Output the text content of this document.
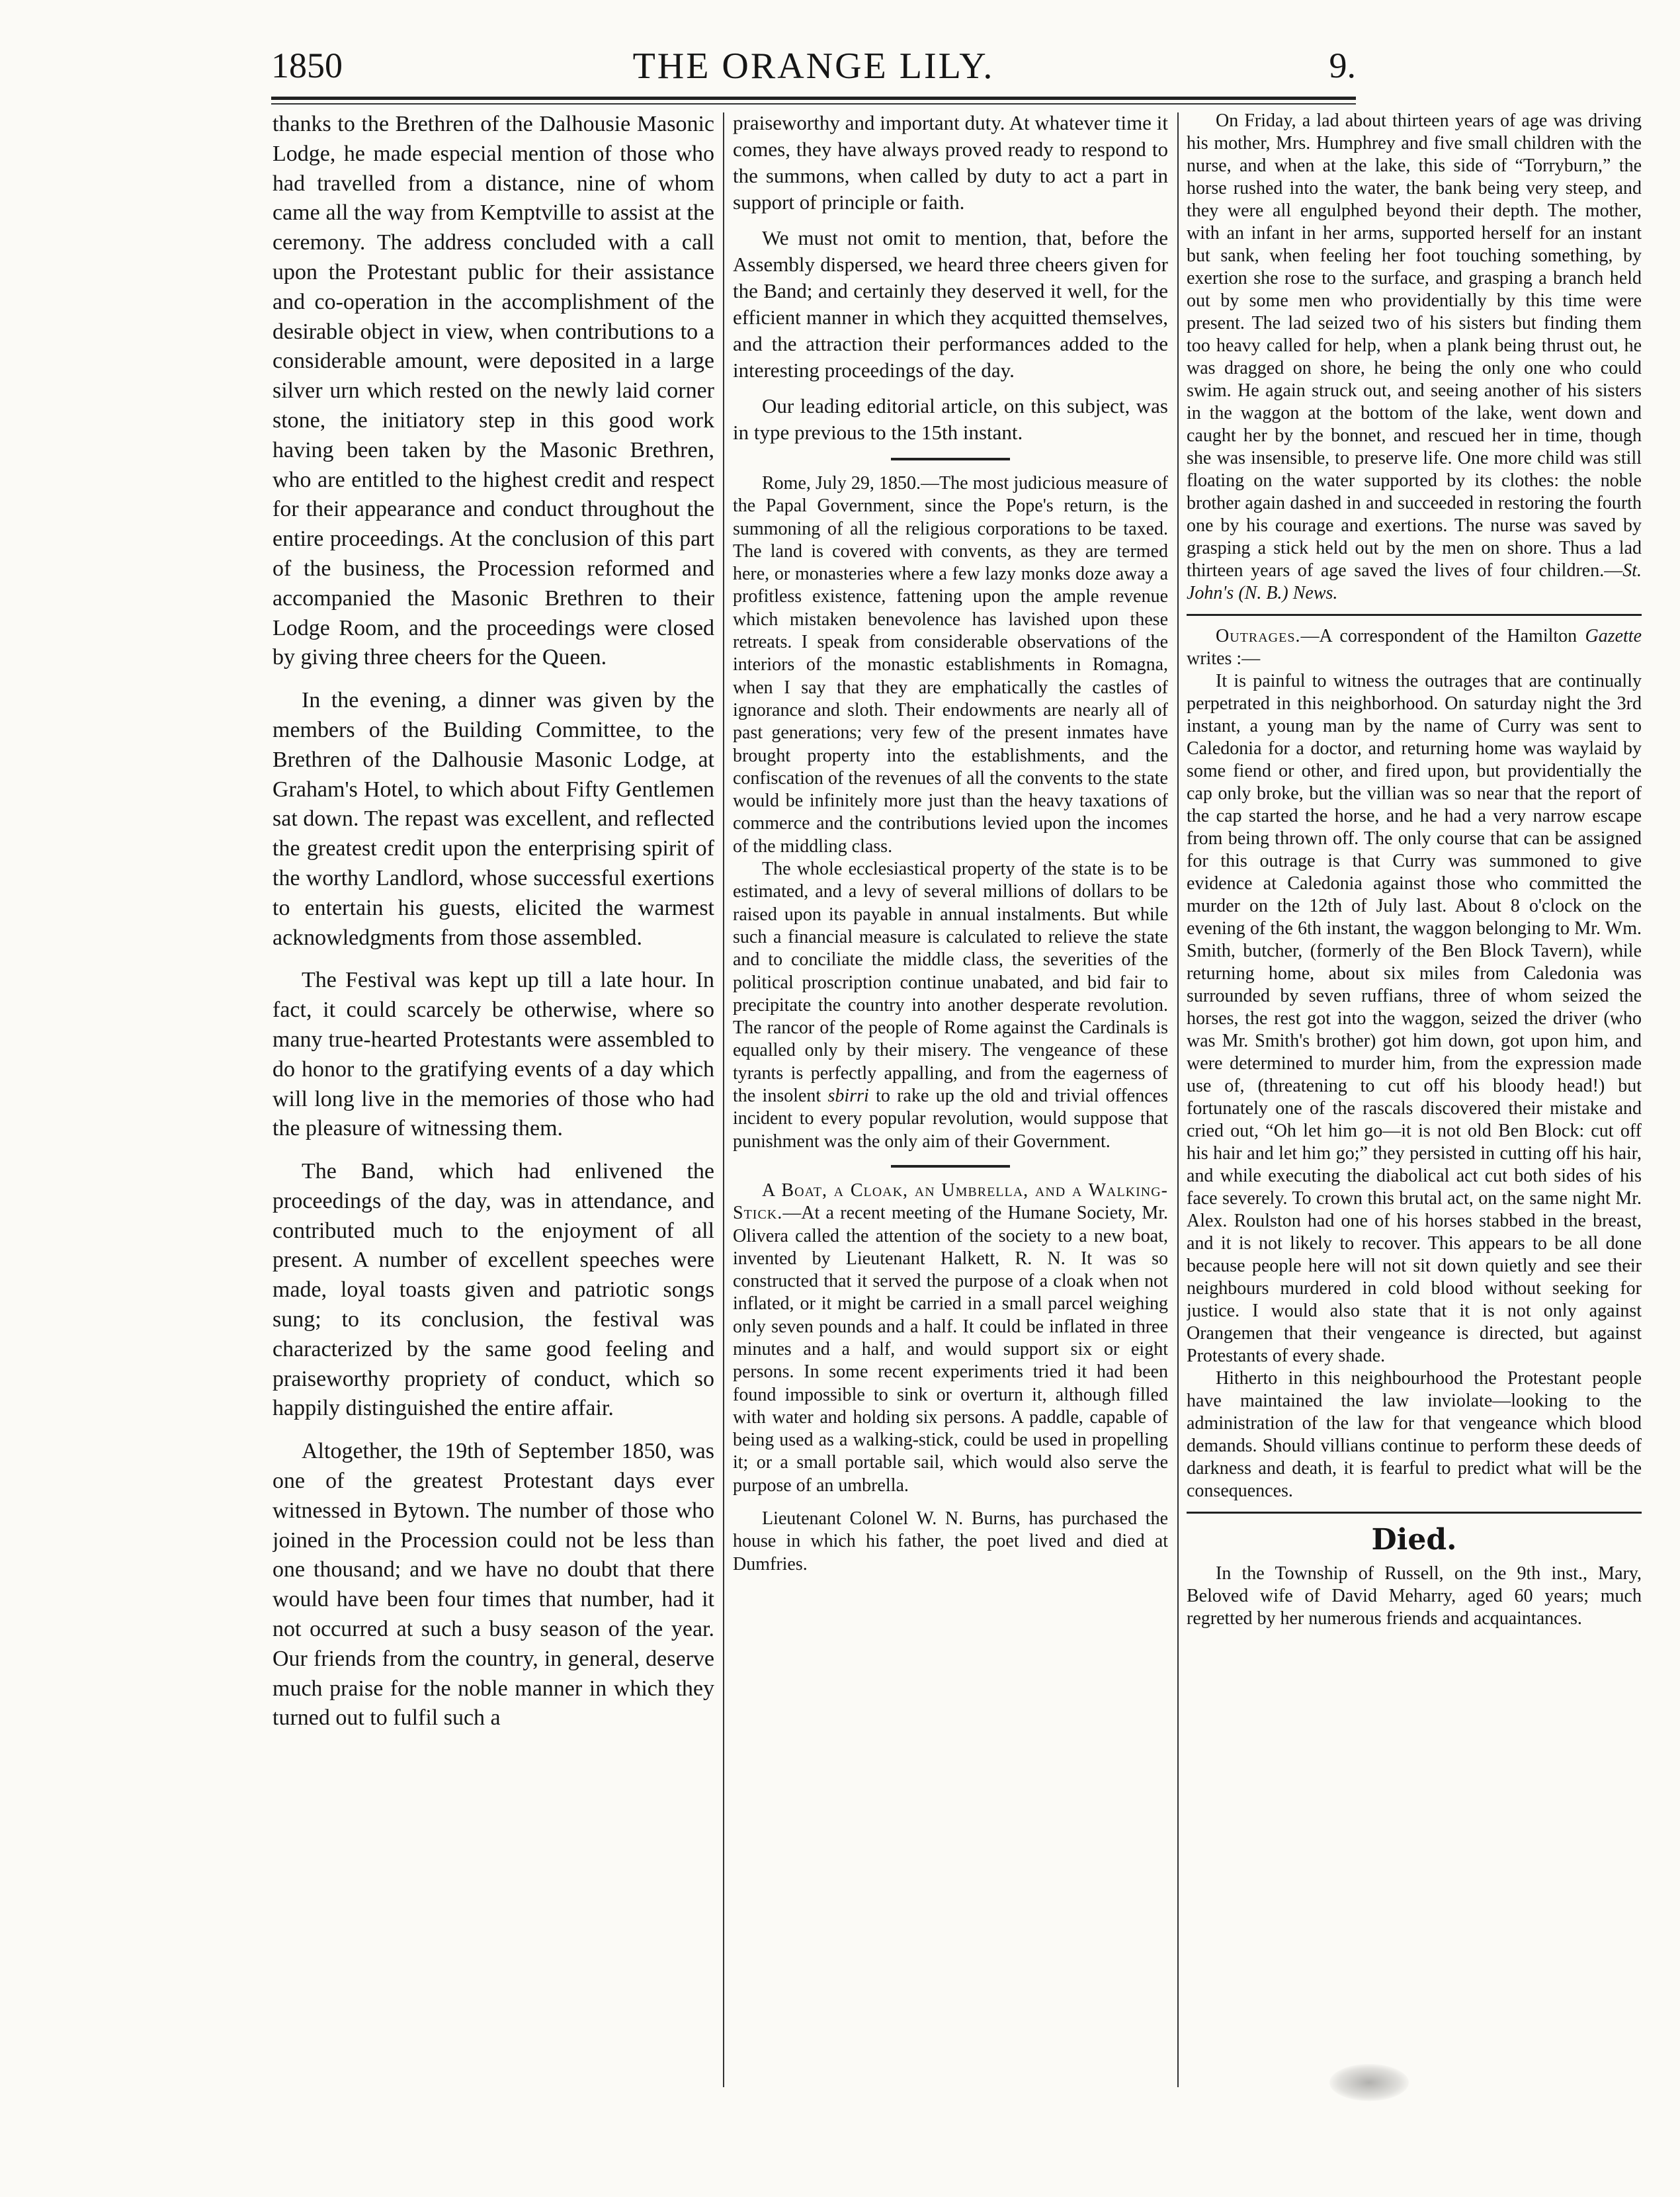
1850	THE ORANGE LILY.	9.

thanks to the Brethren of the Dalhousie Masonic Lodge, he made especial mention of those who had travelled from a distance, nine of whom came all the way from Kemptville to assist at the ceremony. The address concluded with a call upon the Protestant public for their assistance and co-operation in the accomplishment of the desirable object in view, when contributions to a considerable amount, were deposited in a large silver urn which rested on the newly laid corner stone, the initiatory step in this good work having been taken by the Masonic Brethren, who are entitled to the highest credit and respect for their appearance and conduct throughout the entire proceedings. At the conclusion of this part of the business, the Procession reformed and accompanied the Masonic Brethren to their Lodge Room, and the proceedings were closed by giving three cheers for the Queen.

In the evening, a dinner was given by the members of the Building Committee, to the Brethren of the Dalhousie Masonic Lodge, at Graham's Hotel, to which about Fifty Gentlemen sat down. The repast was excellent, and reflected the greatest credit upon the enterprising spirit of the worthy Landlord, whose successful exertions to entertain his guests, elicited the warmest acknowledgments from those assembled.

The Festival was kept up till a late hour. In fact, it could scarcely be otherwise, where so many true-hearted Protestants were assembled to do honor to the gratifying events of a day which will long live in the memories of those who had the pleasure of witnessing them.

The Band, which had enlivened the proceedings of the day, was in attendance, and contributed much to the enjoyment of all present. A number of excellent speeches were made, loyal toasts given and patriotic songs sung; to its conclusion, the festival was characterized by the same good feeling and praiseworthy propriety of conduct, which so happily distinguished the entire affair.

Altogether, the 19th of September 1850, was one of the greatest Protestant days ever witnessed in Bytown. The number of those who joined in the Procession could not be less than one thousand; and we have no doubt that there would have been four times that number, had it not occurred at such a busy season of the year. Our friends from the country, in general, deserve much praise for the noble manner in which they turned out to fulfil such a

praiseworthy and important duty. At whatever time it comes, they have always proved ready to respond to the summons, when called by duty to act a part in support of principle or faith.

We must not omit to mention, that, before the Assembly dispersed, we heard three cheers given for the Band; and certainly they deserved it well, for the efficient manner in which they acquitted themselves, and the attraction their performances added to the interesting proceedings of the day.

Our leading editorial article, on this subject, was in type previous to the 15th instant.

Rome, July 29, 1850.—The most judicious measure of the Papal Government, since the Pope's return, is the summoning of all the religious corporations to be taxed. The land is covered with convents, as they are termed here, or monasteries where a few lazy monks doze away a profitless existence, fattening upon the ample revenue which mistaken benevolence has lavished upon these retreats. I speak from considerable observations of the interiors of the monastic establishments in Romagna, when I say that they are emphatically the castles of ignorance and sloth. Their endowments are nearly all of past generations; very few of the present inmates have brought property into the establishments, and the confiscation of the revenues of all the convents to the state would be infinitely more just than the heavy taxations of commerce and the contributions levied upon the incomes of the middling class.

The whole ecclesiastical property of the state is to be estimated, and a levy of several millions of dollars to be raised upon its payable in annual instalments. But while such a financial measure is calculated to relieve the state and to conciliate the middle class, the severities of the political proscription continue unabated, and bid fair to precipitate the country into another desperate revolution. The rancor of the people of Rome against the Cardinals is equalled only by their misery. The vengeance of these tyrants is perfectly appalling, and from the eagerness of the insolent sbirri to rake up the old and trivial offences incident to every popular revolution, would suppose that punishment was the only aim of their Government.

A Boat, a Cloak, an Umbrella, and a Walking-Stick.—At a recent meeting of the Humane Society, Mr. Olivera called the attention of the society to a new boat, invented by Lieutenant Halkett, R. N. It was so constructed that it served the purpose of a cloak when not inflated, or it might be carried in a small parcel weighing only seven pounds and a half. It could be inflated in three minutes and a half, and would support six or eight persons. In some recent experiments tried it had been found impossible to sink or overturn it, although filled with water and holding six persons. A paddle, capable of being used as a walking-stick, could be used in propelling it; or a small portable sail, which would also serve the purpose of an umbrella.

Lieutenant Colonel W. N. Burns, has purchased the house in which his father, the poet lived and died at Dumfries.

On Friday, a lad about thirteen years of age was driving his mother, Mrs. Humphrey and five small children with the nurse, and when at the lake, this side of “Torryburn,” the horse rushed into the water, the bank being very steep, and they were all engulphed beyond their depth. The mother, with an infant in her arms, supported herself for an instant but sank, when feeling her foot touching something, by exertion she rose to the surface, and grasping a branch held out by some men who providentially by this time were present. The lad seized two of his sisters but finding them too heavy called for help, when a plank being thrust out, he was dragged on shore, he being the only one who could swim. He again struck out, and seeing another of his sisters in the waggon at the bottom of the lake, went down and caught her by the bonnet, and rescued her in time, though she was insensible, to preserve life. One more child was still floating on the water supported by its clothes: the noble brother again dashed in and succeeded in restoring the fourth one by his courage and exertions. The nurse was saved by grasping a stick held out by the men on shore. Thus a lad thirteen years of age saved the lives of four children.—St. John's (N. B.) News.

Outrages.—A correspondent of the Hamilton Gazette writes :—

It is painful to witness the outrages that are continually perpetrated in this neighborhood. On saturday night the 3rd instant, a young man by the name of Curry was sent to Caledonia for a doctor, and returning home was waylaid by some fiend or other, and fired upon, but providentially the cap only broke, but the villian was so near that the report of the cap started the horse, and he had a very narrow escape from being thrown off. The only course that can be assigned for this outrage is that Curry was summoned to give evidence at Caledonia against those who committed the murder on the 12th of July last. About 8 o'clock on the evening of the 6th instant, the waggon belonging to Mr. Wm. Smith, butcher, (formerly of the Ben Block Tavern), while returning home, about six miles from Caledonia was surrounded by seven ruffians, three of whom seized the horses, the rest got into the waggon, seized the driver (who was Mr. Smith's brother) got him down, got upon him, and were determined to murder him, from the expression made use of, (threatening to cut off his bloody head!) but fortunately one of the rascals discovered their mistake and cried out, “Oh let him go—it is not old Ben Block: cut off his hair and let him go;” they persisted in cutting off his hair, and while executing the diabolical act cut both sides of his face severely. To crown this brutal act, on the same night Mr. Alex. Roulston had one of his horses stabbed in the breast, and it is not likely to recover. This appears to be all done because people here will not sit down quietly and see their neighbours murdered in cold blood without seeking for justice. I would also state that it is not only against Orangemen that their vengeance is directed, but against Protestants of every shade.

Hitherto in this neighbourhood the Protestant people have maintained the law inviolate—looking to the administration of the law for that vengeance which blood demands. Should villians continue to perform these deeds of darkness and death, it is fearful to predict what will be the consequences.

Died.

In the Township of Russell, on the 9th inst., Mary, Beloved wife of David Meharry, aged 60 years; much regretted by her numerous friends and acquaintances.
